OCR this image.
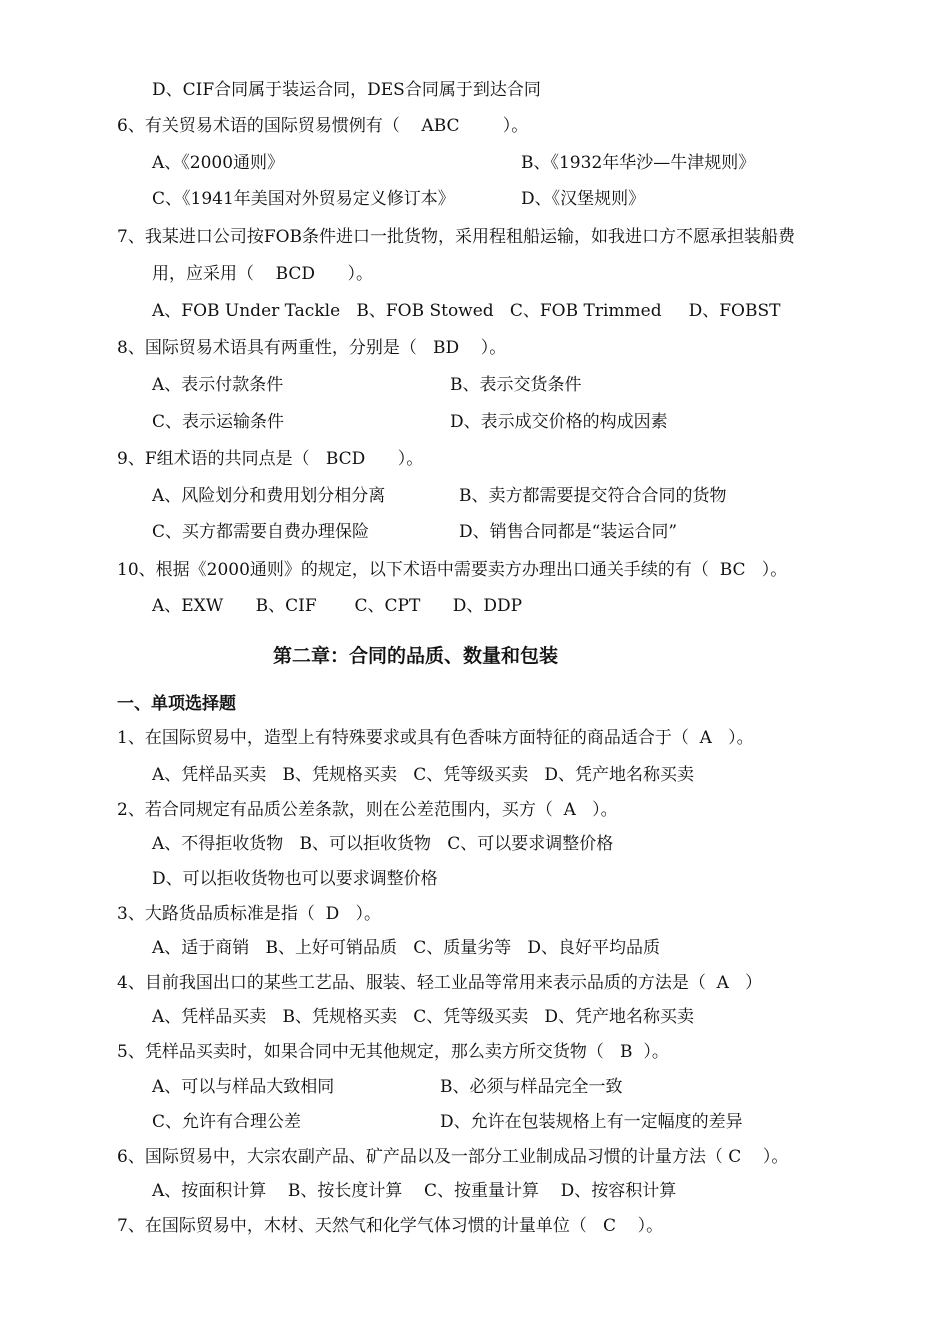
D、CIF合同属于装运合同，DES合同属于到达合同
6、有关贸易术语的国际贸易惯例有（    ABC        ）。
A、《2000通则》	B、《1932年华沙—牛津规则》
C、《1941年美国对外贸易定义修订本》	D、《汉堡规则》
7、我某进口公司按FOB条件进口一批货物，采用程租船运输，如我进口方不愿承担装船费
用，应采用（    BCD      ）。
A、FOB Under Tackle   B、FOB Stowed   C、FOB Trimmed     D、FOBST
8、国际贸易术语具有两重性，分别是（   BD    ）。
A、表示付款条件	B、表示交货条件
C、表示运输条件	D、表示成交价格的构成因素
9、F组术语的共同点是（   BCD      ）。
A、风险划分和费用划分相分离	B、卖方都需要提交符合合同的货物
C、买方都需要自费办理保险	D、销售合同都是“装运合同”
10、根据《2000通则》的规定，以下术语中需要卖方办理出口通关手续的有（  BC   ）。
A、EXW      B、CIF       C、CPT      D、DDP
第二章：合同的品质、数量和包装
一、单项选择题
1、在国际贸易中，造型上有特殊要求或具有色香味方面特征的商品适合于（  A   ）。
A、凭样品买卖   B、凭规格买卖   C、凭等级买卖   D、凭产地名称买卖
2、若合同规定有品质公差条款，则在公差范围内，买方（  A   ）。
A、不得拒收货物   B、可以拒收货物   C、可以要求调整价格
D、可以拒收货物也可以要求调整价格
3、大路货品质标准是指（  D   ）。
A、适于商销   B、上好可销品质   C、质量劣等   D、良好平均品质
4、目前我国出口的某些工艺品、服装、轻工业品等常用来表示品质的方法是（  A   ）
A、凭样品买卖   B、凭规格买卖   C、凭等级买卖   D、凭产地名称买卖
5、凭样品买卖时，如果合同中无其他规定，那么卖方所交货物（   B  ）。
A、可以与样品大致相同	B、必须与样品完全一致
C、允许有合理公差	D、允许在包装规格上有一定幅度的差异
6、国际贸易中，大宗农副产品、矿产品以及一部分工业制成品习惯的计量方法（ C    ）。
A、按面积计算    B、按长度计算    C、按重量计算    D、按容积计算
7、在国际贸易中，木材、天然气和化学气体习惯的计量单位（   C    ）。
